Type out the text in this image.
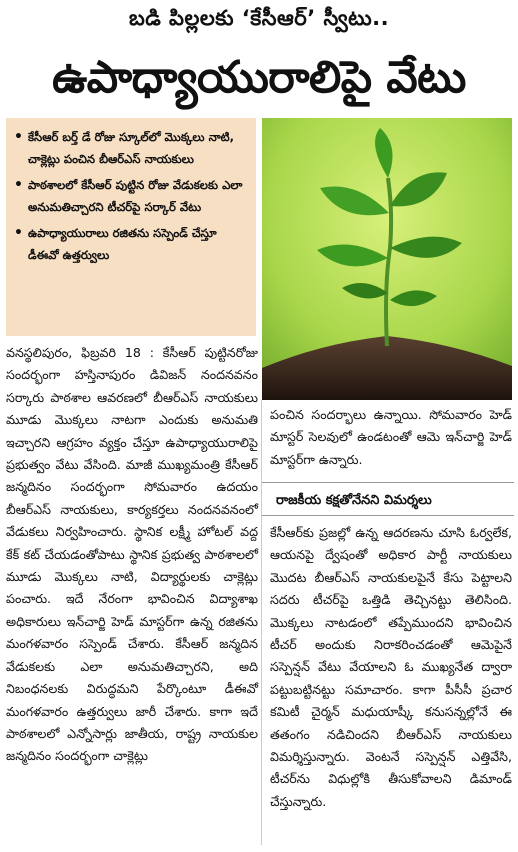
బడి పిల్లలకు ‘కేసీఆర్’ స్వీటు..
ఉపాధ్యాయురాలిపై వేటు
• కేసీఆర్ బర్త్ డే రోజు స్కూల్‌లో మొక్కలు నాటి, చాక్లెట్లు పంచిన బీఆర్ఎస్ నాయకులు
• పాఠశాలలో కేసీఆర్ పుట్టిన రోజు వేడుకలకు ఎలా అనుమతిచ్చారని టీచర్‌పై సర్కార్ వేటు
• ఉపాధ్యాయురాలు రజితను సస్పెండ్ చేస్తూ డీఈవో ఉత్తర్వులు

వనస్థలిపురం, ఫిబ్రవరి 18 : కేసీఆర్ పుట్టినరోజు సందర్భంగా హస్తినాపురం డివిజన్ నందనవనం సర్కారు పాఠశాల ఆవరణలో బీఆర్ఎస్ నాయకులు మూడు మొక్కలు నాటగా ఎందుకు అనుమతి ఇచ్చారని ఆగ్రహం వ్యక్తం చేస్తూ ఉపాధ్యాయురాలిపై ప్రభుత్వం వేటు వేసింది. మాజీ ముఖ్యమంత్రి కేసీఆర్ జన్మదినం సందర్భంగా సోమవారం ఉదయం బీఆర్ఎస్ నాయకులు, కార్యకర్తలు నందనవనంలో వేడుకలు నిర్వహించారు. స్థానిక లక్ష్మీ హోటల్ వద్ద కేక్ కట్ చేయడంతోపాటు స్థానిక ప్రభుత్వ పాఠశాలలో మూడు మొక్కలు నాటి, విద్యార్థులకు చాక్లెట్లు పంచారు. ఇదే నేరంగా భావించిన విద్యాశాఖ అధికారులు ఇన్‌చార్జి హెడ్ మాస్టర్‌గా ఉన్న రజితను మంగళవారం సస్పెండ్ చేశారు. కేసీఆర్ జన్మదిన వేడుకలకు ఎలా అనుమతిచ్చారని, అది నిబంధనలకు విరుద్ధమని పేర్కొంటూ డీఈవో మంగళవారం ఉత్తర్వులు జారీ చేశారు. కాగా ఇదే పాఠశాలలో ఎన్నోసార్లు జాతీయ, రాష్ట్ర నాయకుల జన్మదినం సందర్భంగా చాక్లెట్లు

పంచిన సందర్భాలు ఉన్నాయి. సోమవారం హెడ్ మాస్టర్ సెలవులో ఉండటంతో ఆమె ఇన్‌చార్జి హెడ్ మాస్టర్‌గా ఉన్నారు.

రాజకీయ కక్షతోనేనని విమర్శలు

కేసీఆర్‌కు ప్రజల్లో ఉన్న ఆదరణను చూసి ఓర్వలేక, ఆయనపై ద్వేషంతో అధికార పార్టీ నాయకులు మొదట బీఆర్ఎస్ నాయకులపైనే కేసు పెట్టాలని సదరు టీచర్‌పై ఒత్తిడి తెచ్చినట్టు తెలిసింది. మొక్కలు నాటడంలో తప్పేముందని భావించిన టీచర్ అందుకు నిరాకరించడంతో ఆమెపైనే సస్పెన్షన్ వేటు వేయాలని ఓ ముఖ్యనేత ద్వారా పట్టుబట్టినట్టు సమాచారం. కాగా పీసీసీ ప్రచార కమిటీ చైర్మన్ మధుయాష్కీ కనుసన్నల్లోనే ఈ తతంగం నడిచిందని బీఆర్ఎస్ నాయకులు విమర్శిస్తున్నారు. వెంటనే సస్పెన్షన్ ఎత్తివేసి, టీచర్‌ను విధుల్లోకి తీసుకోవాలని డిమాండ్ చేస్తున్నారు.
